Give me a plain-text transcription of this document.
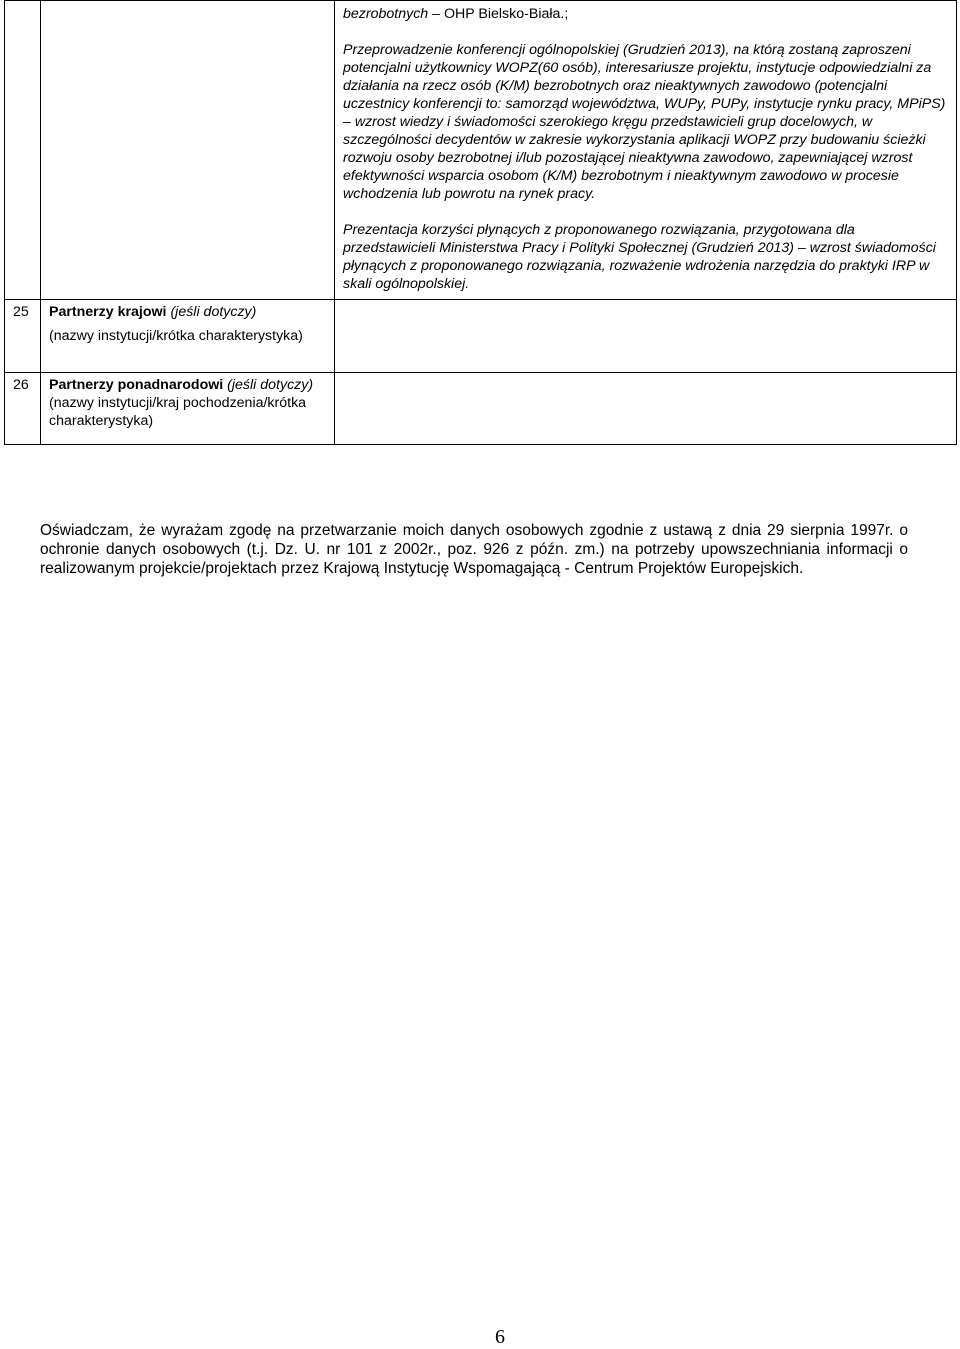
		bezrobotnych – OHP Bielsko-Biała.;

Przeprowadzenie konferencji ogólnopolskiej (Grudzień 2013), na którą zostaną zaproszeni potencjalni użytkownicy WOPZ(60 osób), interesariusze projektu, instytucje odpowiedzialni za działania na rzecz osób (K/M) bezrobotnych oraz nieaktywnych zawodowo (potencjalni uczestnicy konferencji to: samorząd województwa, WUPy, PUPy, instytucje rynku pracy, MPiPS) – wzrost wiedzy i świadomości szerokiego kręgu przedstawicieli grup docelowych, w szczególności decydentów w zakresie wykorzystania aplikacji WOPZ przy budowaniu ścieżki rozwoju osoby bezrobotnej i/lub pozostającej nieaktywna zawodowo, zapewniającej wzrost efektywności wsparcia osobom (K/M) bezrobotnym i nieaktywnym zawodowo w procesie wchodzenia lub powrotu na rynek pracy.

Prezentacja korzyści płynących z proponowanego rozwiązania, przygotowana dla przedstawicieli Ministerstwa Pracy i Polityki Społecznej (Grudzień 2013) – wzrost świadomości płynących z proponowanego rozwiązania, rozważenie wdrożenia narzędzia do praktyki IRP w skali ogólnopolskiej.

25	Partnerzy krajowi (jeśli dotyczy)
(nazwy instytucji/krótka charakterystyka)	

26	Partnerzy ponadnarodowi (jeśli dotyczy) (nazwy instytucji/kraj pochodzenia/krótka charakterystyka)	
Oświadczam, że wyrażam zgodę na przetwarzanie moich danych osobowych zgodnie z ustawą z dnia 29 sierpnia 1997r. o ochronie danych osobowych (t.j. Dz. U. nr 101 z 2002r., poz. 926 z późn. zm.) na potrzeby upowszechniania informacji o realizowanym projekcie/projektach przez Krajową Instytucję Wspomagającą - Centrum Projektów Europejskich.
6
